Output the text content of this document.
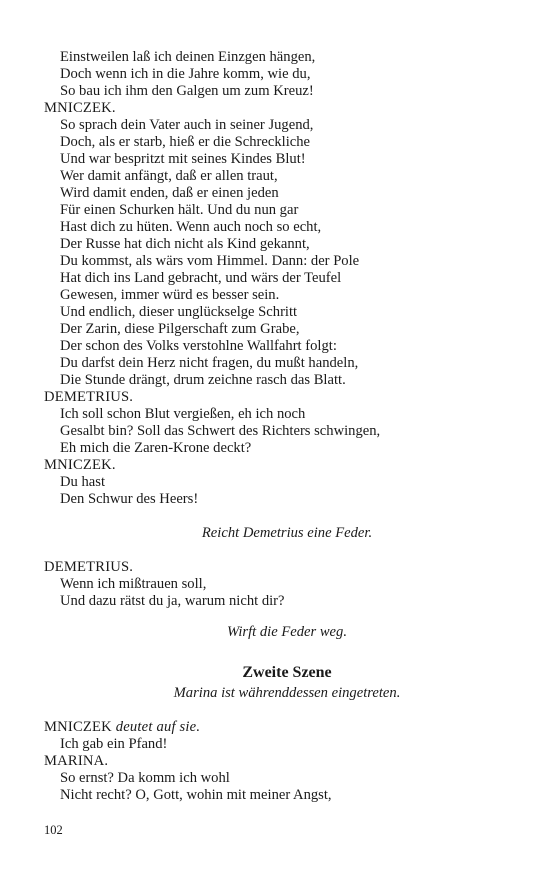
Einstweilen laß ich deinen Einzgen hängen,
Doch wenn ich in die Jahre komm, wie du,
So bau ich ihm den Galgen um zum Kreuz!
MNICZEK.
So sprach dein Vater auch in seiner Jugend,
Doch, als er starb, hieß er die Schreckliche
Und war bespritzt mit seines Kindes Blut!
Wer damit anfängt, daß er allen traut,
Wird damit enden, daß er einen jeden
Für einen Schurken hält. Und du nun gar
Hast dich zu hüten. Wenn auch noch so echt,
Der Russe hat dich nicht als Kind gekannt,
Du kommst, als wärs vom Himmel. Dann: der Pole
Hat dich ins Land gebracht, und wärs der Teufel
Gewesen, immer würd es besser sein.
Und endlich, dieser unglückselge Schritt
Der Zarin, diese Pilgerschaft zum Grabe,
Der schon des Volks verstohlne Wallfahrt folgt:
Du darfst dein Herz nicht fragen, du mußt handeln,
Die Stunde drängt, drum zeichne rasch das Blatt.
DEMETRIUS.
Ich soll schon Blut vergießen, eh ich noch
Gesalbt bin? Soll das Schwert des Richters schwingen,
Eh mich die Zaren-Krone deckt?
MNICZEK.
Du hast
Den Schwur des Heers!
Reicht Demetrius eine Feder.
DEMETRIUS.
Wenn ich mißtrauen soll,
Und dazu rätst du ja, warum nicht dir?
Wirft die Feder weg.
Zweite Szene
Marina ist währenddessen eingetreten.
MNICZEK deutet auf sie.
Ich gab ein Pfand!
MARINA.
So ernst? Da komm ich wohl
Nicht recht? O, Gott, wohin mit meiner Angst,
102
